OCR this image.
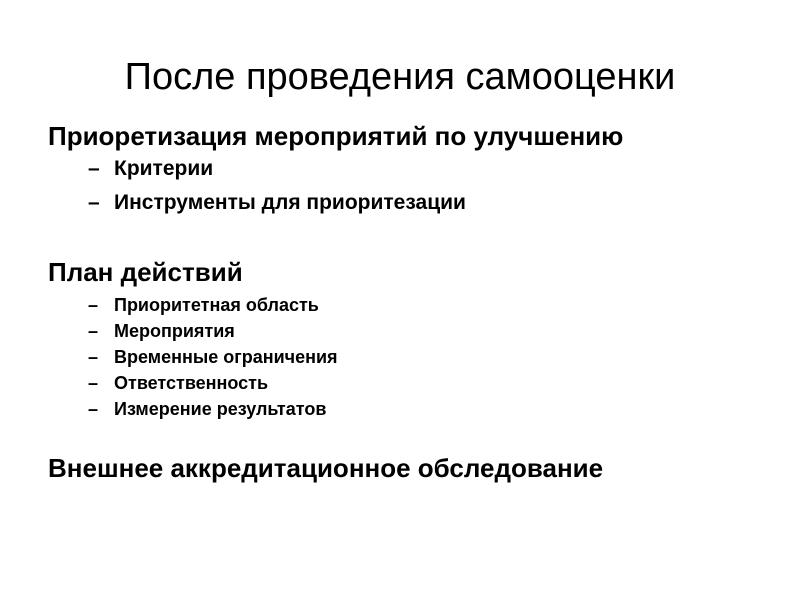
После проведения самооценки
Приоретизация мероприятий по улучшению
– Критерии
– Инструменты для приоритезации
План действий
– Приоритетная область
– Мероприятия
– Временные ограничения
– Ответственность
– Измерение результатов
Внешнее аккредитационное обследование
